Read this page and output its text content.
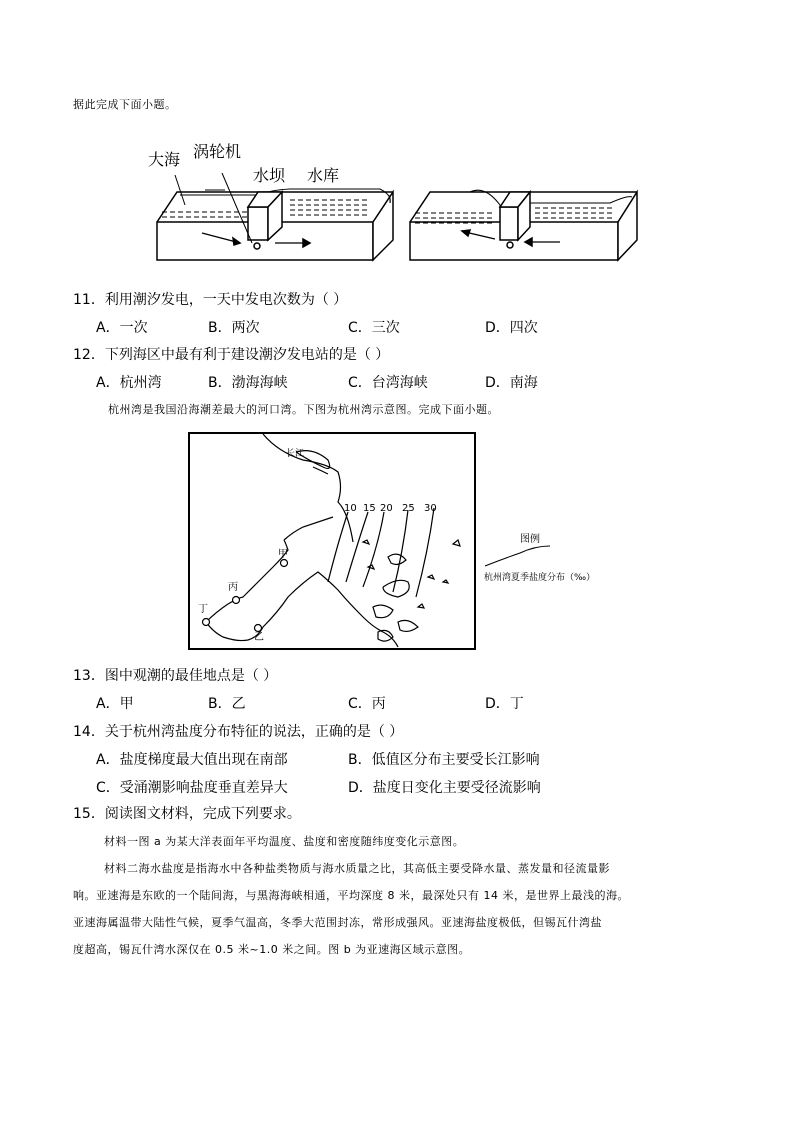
据此完成下面小题。
大海 涡轮机
水坝 水库
11．利用潮汐发电，一天中发电次数为（ ）
A．一次	B．两次	C．三次	D．四次
12．下列海区中最有利于建设潮汐发电站的是（ ）
A．杭州湾	B．渤海海峡	C．台湾海峡	D．南海
杭州湾是我国沿海潮差最大的河口湾。下图为杭州湾示意图。完成下面小题。
长江
10 15 20 25 30
甲
丙
丁
乙
图例
杭州湾夏季盐度分布（‰）
13．图中观潮的最佳地点是（ ）
A．甲	B．乙	C．丙	D．丁
14．关于杭州湾盐度分布特征的说法，正确的是（ ）
A．盐度梯度最大值出现在南部	B．低值区分布主要受长江影响
C．受涌潮影响盐度垂直差异大	D．盐度日变化主要受径流影响
15．阅读图文材料，完成下列要求。
材料一图 a 为某大洋表面年平均温度、盐度和密度随纬度变化示意图。
材料二海水盐度是指海水中各种盐类物质与海水质量之比，其高低主要受降水量、蒸发量和径流量影
响。亚速海是东欧的一个陆间海，与黑海海峡相通，平均深度 8 米，最深处只有 14 米，是世界上最浅的海。
亚速海属温带大陆性气候，夏季气温高，冬季大范围封冻，常形成强风。亚速海盐度极低，但锡瓦什湾盐
度超高，锡瓦什湾水深仅在 0.5 米~1.0 米之间。图 b 为亚速海区域示意图。
